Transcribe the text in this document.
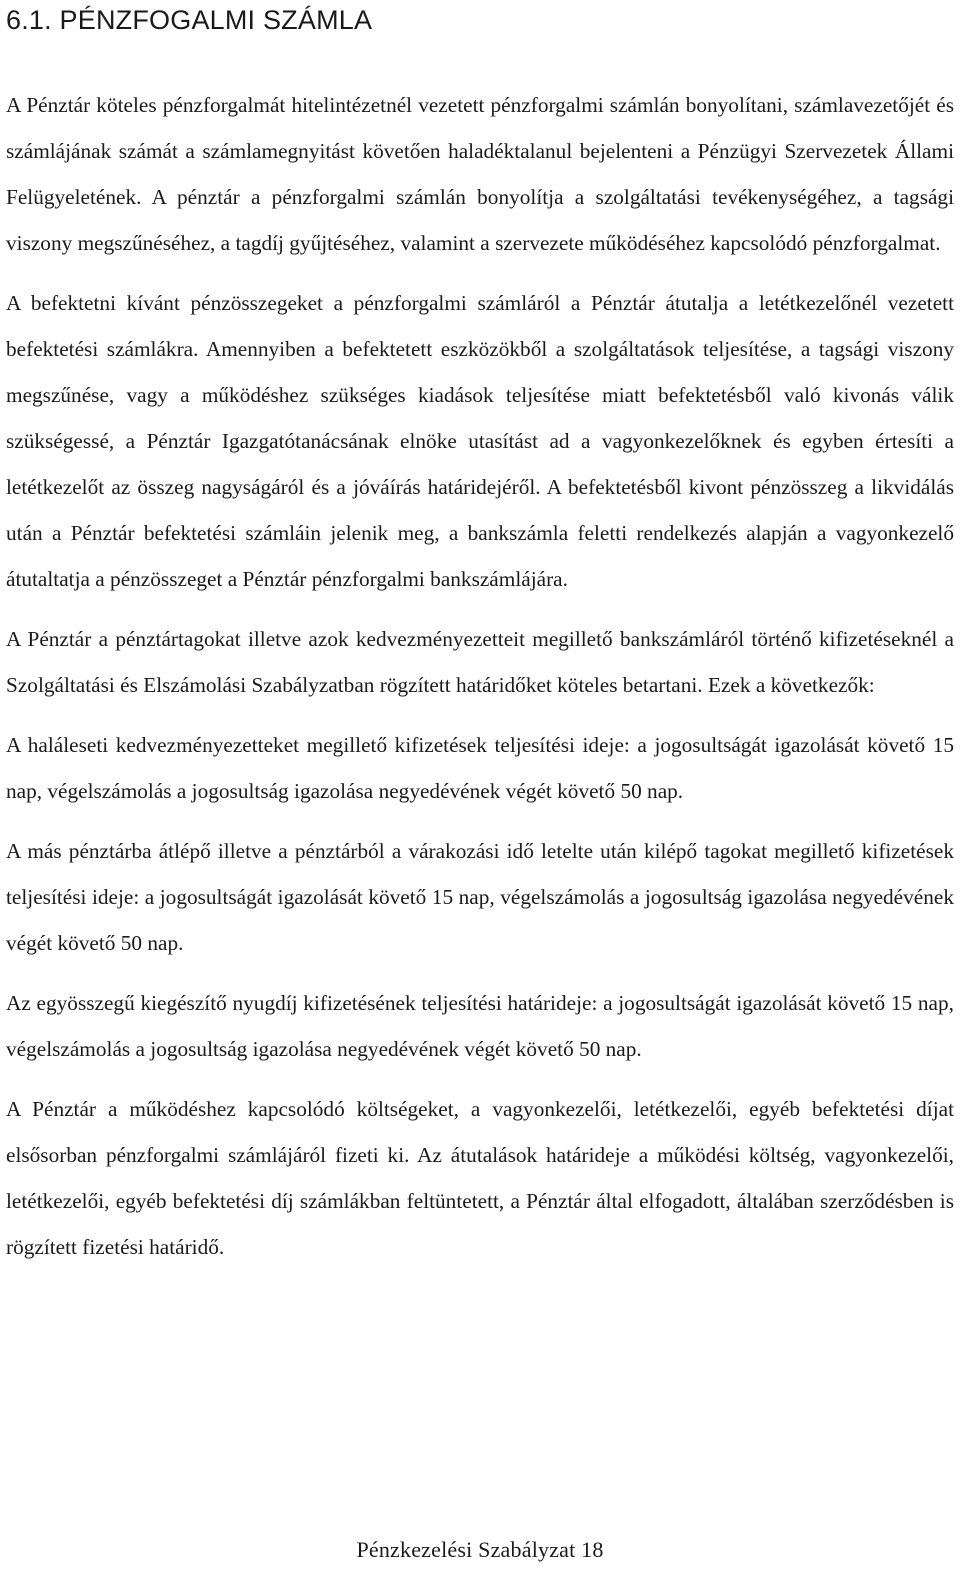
6.1. PÉNZFOGALMI SZÁMLA

A Pénztár köteles pénzforgalmát hitelintézetnél vezetett pénzforgalmi számlán bonyolítani, számlavezetőjét és számlájának számát a számlamegnyitást követően haladéktalanul bejelenteni a Pénzügyi Szervezetek Állami Felügyeletének. A pénztár a pénzforgalmi számlán bonyolítja a szolgáltatási tevékenységéhez, a tagsági viszony megszűnéséhez, a tagdíj gyűjtéséhez, valamint a szervezete működéséhez kapcsolódó pénzforgalmat.

A befektetni kívánt pénzösszegeket a pénzforgalmi számláról a Pénztár átutalja a letétkezelőnél vezetett befektetési számlákra. Amennyiben a befektetett eszközökből a szolgáltatások teljesítése, a tagsági viszony megszűnése, vagy a működéshez szükséges kiadások teljesítése miatt befektetésből való kivonás válik szükségessé, a Pénztár Igazgatótanácsának elnöke utasítást ad a vagyonkezelőknek és egyben értesíti a letétkezelőt az összeg nagyságáról és a jóváírás határidejéről. A befektetésből kivont pénzösszeg a likvidálás után a Pénztár befektetési számláin jelenik meg, a bankszámla feletti rendelkezés alapján a vagyonkezelő átutaltatja a pénzösszeget a Pénztár pénzforgalmi bankszámlájára.

A Pénztár a pénztártagokat illetve azok kedvezményezetteit megillető bankszámláról történő kifizetéseknél a Szolgáltatási és Elszámolási Szabályzatban rögzített határidőket köteles betartani. Ezek a következők:

A haláleseti kedvezményezetteket megillető kifizetések teljesítési ideje: a jogosultságát igazolását követő 15 nap, végelszámolás a jogosultság igazolása negyedévének végét követő 50 nap.

A más pénztárba átlépő illetve a pénztárból a várakozási idő letelte után kilépő tagokat megillető kifizetések teljesítési ideje: a jogosultságát igazolását követő 15 nap, végelszámolás a jogosultság igazolása negyedévének végét követő 50 nap.

Az egyösszegű kiegészítő nyugdíj kifizetésének teljesítési határideje: a jogosultságát igazolását követő 15 nap, végelszámolás a jogosultság igazolása negyedévének végét követő 50 nap.

A Pénztár a működéshez kapcsolódó költségeket, a vagyonkezelői, letétkezelői, egyéb befektetési díjat elsősorban pénzforgalmi számlájáról fizeti ki. Az átutalások határideje a működési költség, vagyonkezelői, letétkezelői, egyéb befektetési díj számlákban feltüntetett, a Pénztár által elfogadott, általában szerződésben is rögzített fizetési határidő.

Pénzkezelési Szabályzat 18
